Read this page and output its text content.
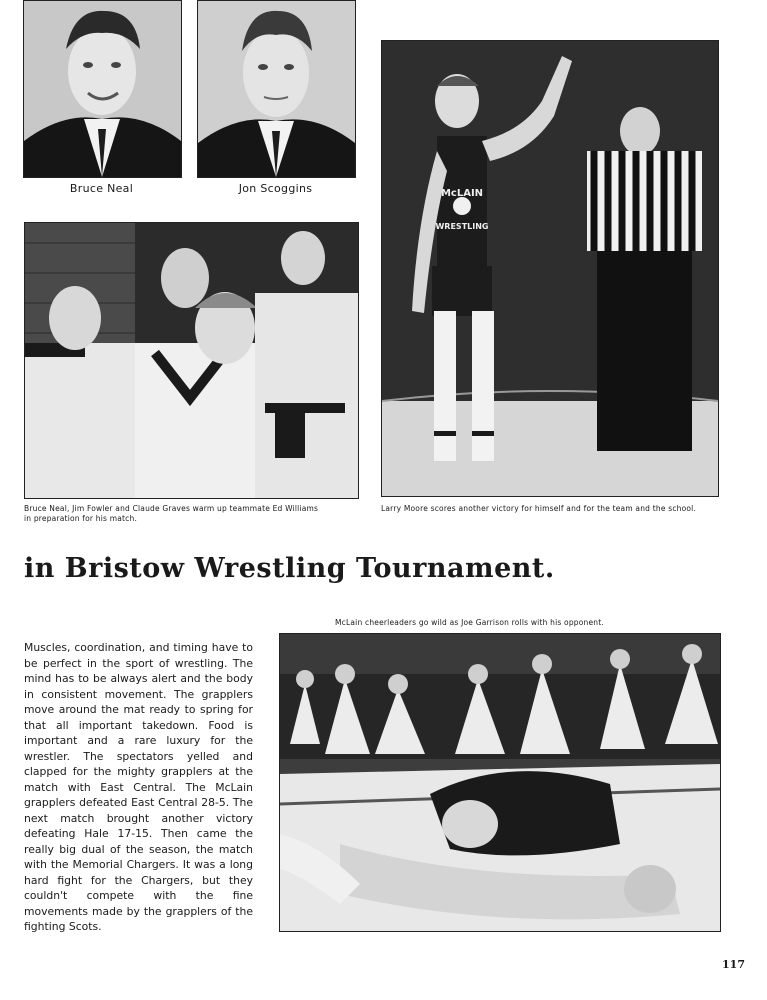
Bruce Neal	Jon Scoggins
Bruce Neal, Jim Fowler and Claude Graves warm up teammate Ed Williams
in preparation for his match.
McLAIN
WRESTLING
Larry Moore scores another victory for himself and for the team and the school.
in Bristow Wrestling Tournament.
McLain cheerleaders go wild as Joe Garrison rolls with his opponent.
Muscles, coordination, and timing have to be perfect in the sport of wrestling. The mind has to be always alert and the body in consistent movement. The grapplers move around the mat ready to spring for that all important takedown. Food is important and a rare luxury for the wrestler. The spectators yelled and clapped for the mighty grapplers at the match with East Central. The McLain grapplers defeated East Central 28-5. The next match brought another victory defeating Hale 17-15. Then came the really big dual of the season, the match with the Memorial Chargers. It was a long hard fight for the Chargers, but they couldn't compete with the fine movements made by the grapplers of the fighting Scots.
117
